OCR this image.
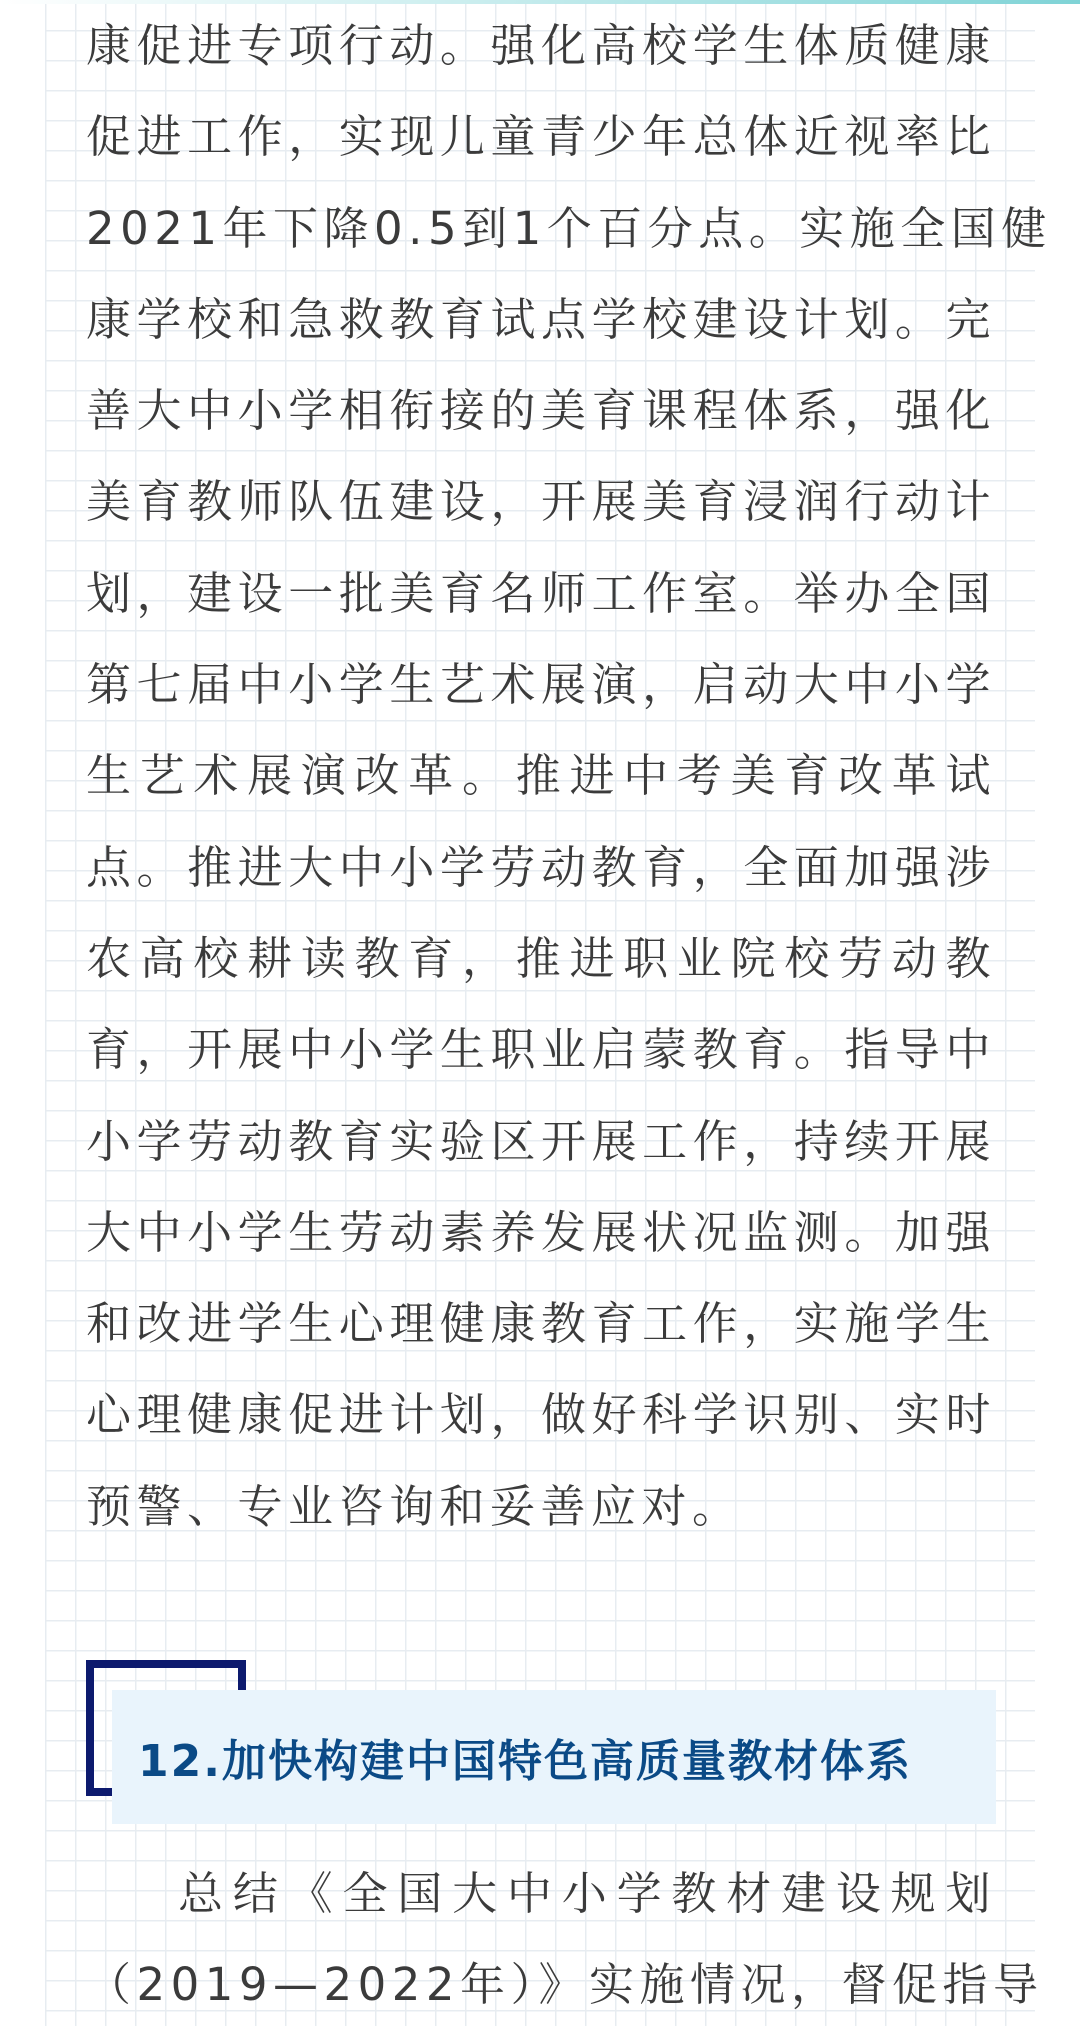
康促进专项行动。强化高校学生体质健康
促进工作，实现儿童青少年总体近视率比
2021年下降0.5到1个百分点。实施全国健
康学校和急救教育试点学校建设计划。完
善大中小学相衔接的美育课程体系，强化
美育教师队伍建设，开展美育浸润行动计
划，建设一批美育名师工作室。举办全国
第七届中小学生艺术展演，启动大中小学
生艺术展演改革。推进中考美育改革试
点。推进大中小学劳动教育，全面加强涉
农高校耕读教育，推进职业院校劳动教
育，开展中小学生职业启蒙教育。指导中
小学劳动教育实验区开展工作，持续开展
大中小学生劳动素养发展状况监测。加强
和改进学生心理健康教育工作，实施学生
心理健康促进计划，做好科学识别、实时
预警、专业咨询和妥善应对。
12.加快构建中国特色高质量教材体系
总结《全国大中小学教材建设规划
（2019—2022年）》实施情况，督促指导
